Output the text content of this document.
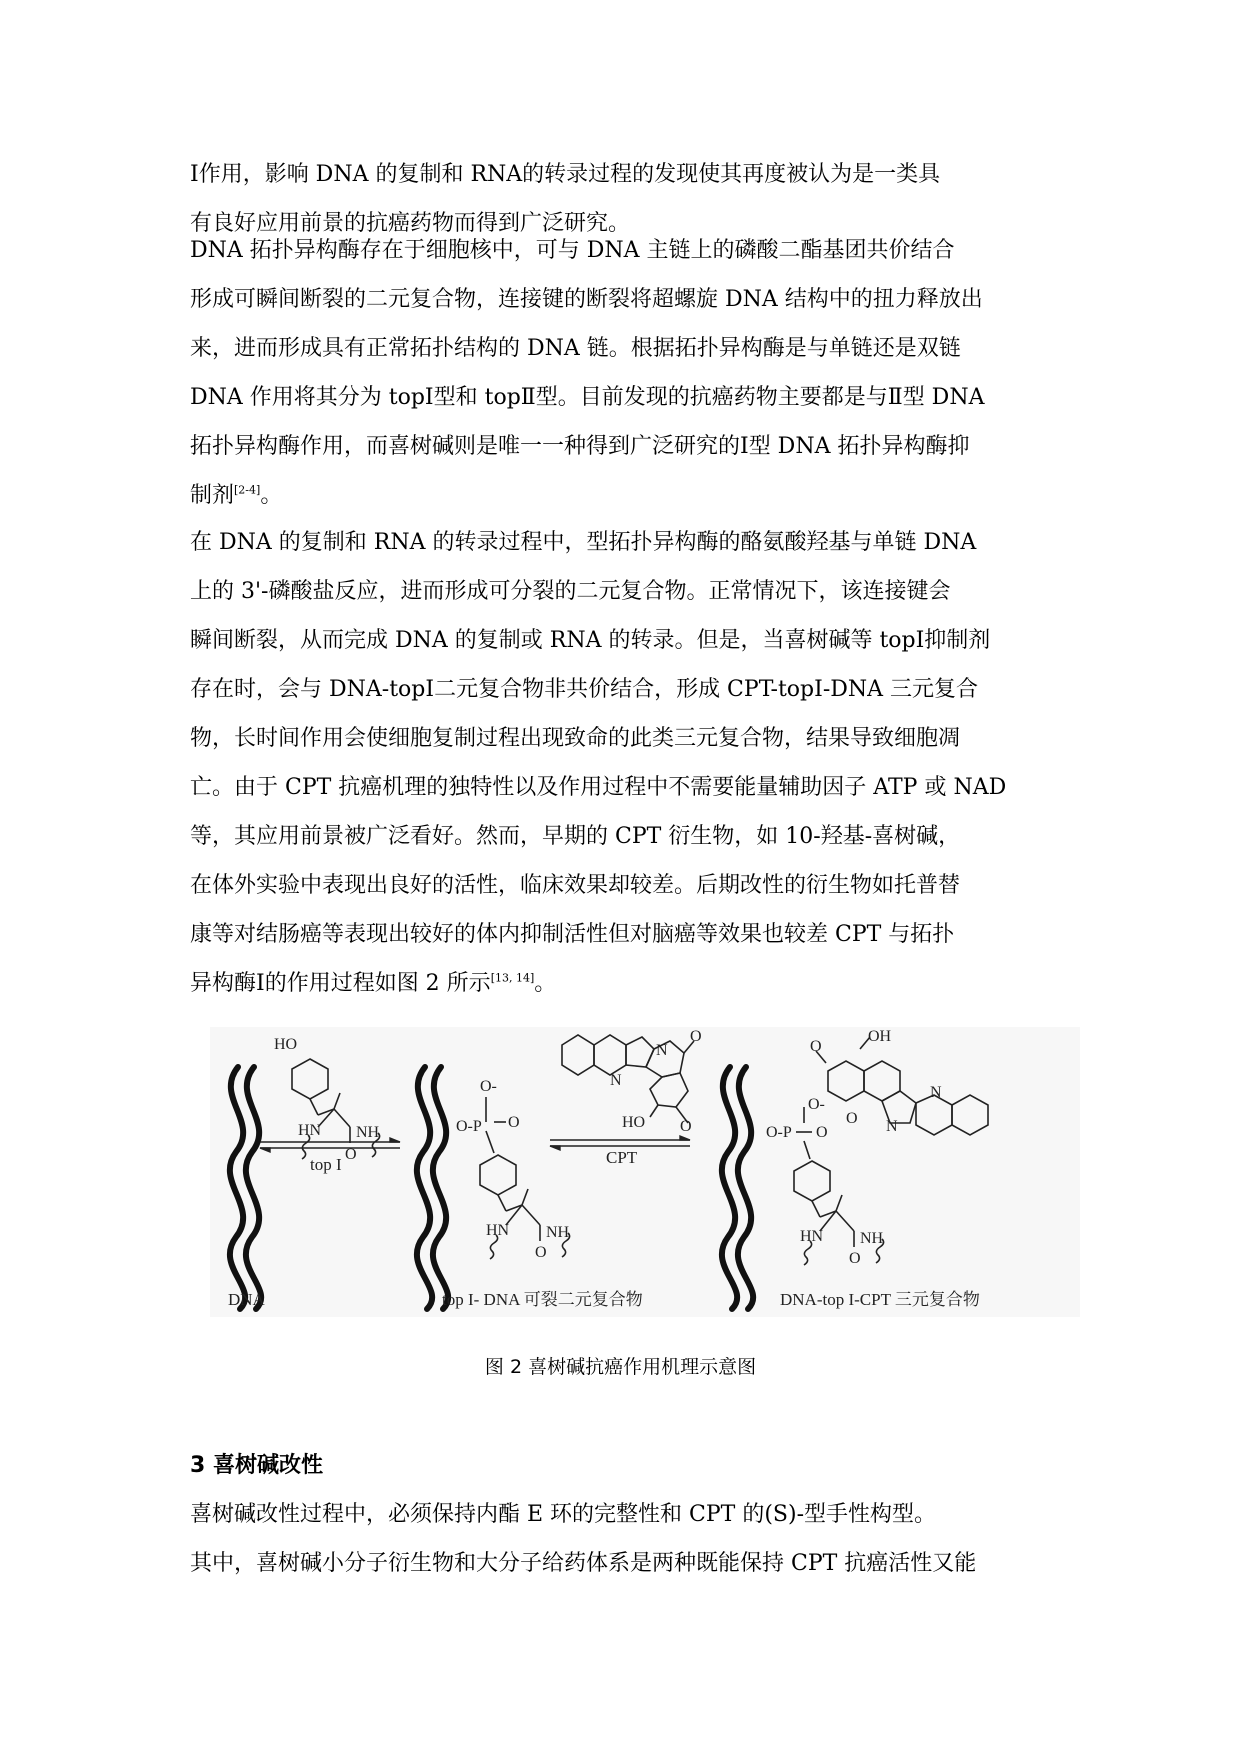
Ⅰ作用，影响 DNA 的复制和 RNA的转录过程的发现使其再度被认为是一类具
有良好应用前景的抗癌药物而得到广泛研究。

DNA 拓扑异构酶存在于细胞核中，可与 DNA 主链上的磷酸二酯基团共价结合
形成可瞬间断裂的二元复合物，连接键的断裂将超螺旋 DNA 结构中的扭力释放出
来，进而形成具有正常拓扑结构的 DNA 链。根据拓扑异构酶是与单链还是双链
DNA 作用将其分为 topⅠ型和 topⅡ型。目前发现的抗癌药物主要都是与Ⅱ型 DNA
拓扑异构酶作用，而喜树碱则是唯一一种得到广泛研究的Ⅰ型 DNA 拓扑异构酶抑
制剂[2-4]。

在 DNA 的复制和 RNA 的转录过程中，型拓扑异构酶的酪氨酸羟基与单链 DNA
上的 3'-磷酸盐反应，进而形成可分裂的二元复合物。正常情况下，该连接键会
瞬间断裂，从而完成 DNA 的复制或 RNA 的转录。但是，当喜树碱等 topⅠ抑制剂
存在时，会与 DNA-topⅠ二元复合物非共价结合，形成 CPT-topⅠ-DNA 三元复合
物，长时间作用会使细胞复制过程出现致命的此类三元复合物，结果导致细胞凋
亡。由于 CPT 抗癌机理的独特性以及作用过程中不需要能量辅助因子 ATP 或 NAD
等，其应用前景被广泛看好。然而，早期的 CPT 衍生物，如 10-羟基-喜树碱，
在体外实验中表现出良好的活性，临床效果却较差。后期改性的衍生物如托普替
康等对结肠癌等表现出较好的体内抑制活性但对脑癌等效果也较差 CPT 与拓扑
异构酶Ⅰ的作用过程如图 2 所示[13, 14]。

HO
HN NH
O
top I
O-P
O-
O
HN NH
O
N
N
O
HO O
CPT
O-P
O-
O
O
OH
N
N
O
HN NH
O
DNA	top I- DNA 可裂二元复合物	DNA-top I-CPT 三元复合物
图 2 喜树碱抗癌作用机理示意图
3 喜树碱改性

喜树碱改性过程中，必须保持内酯 E 环的完整性和 CPT 的(S)-型手性构型。
其中，喜树碱小分子衍生物和大分子给药体系是两种既能保持 CPT 抗癌活性又能
